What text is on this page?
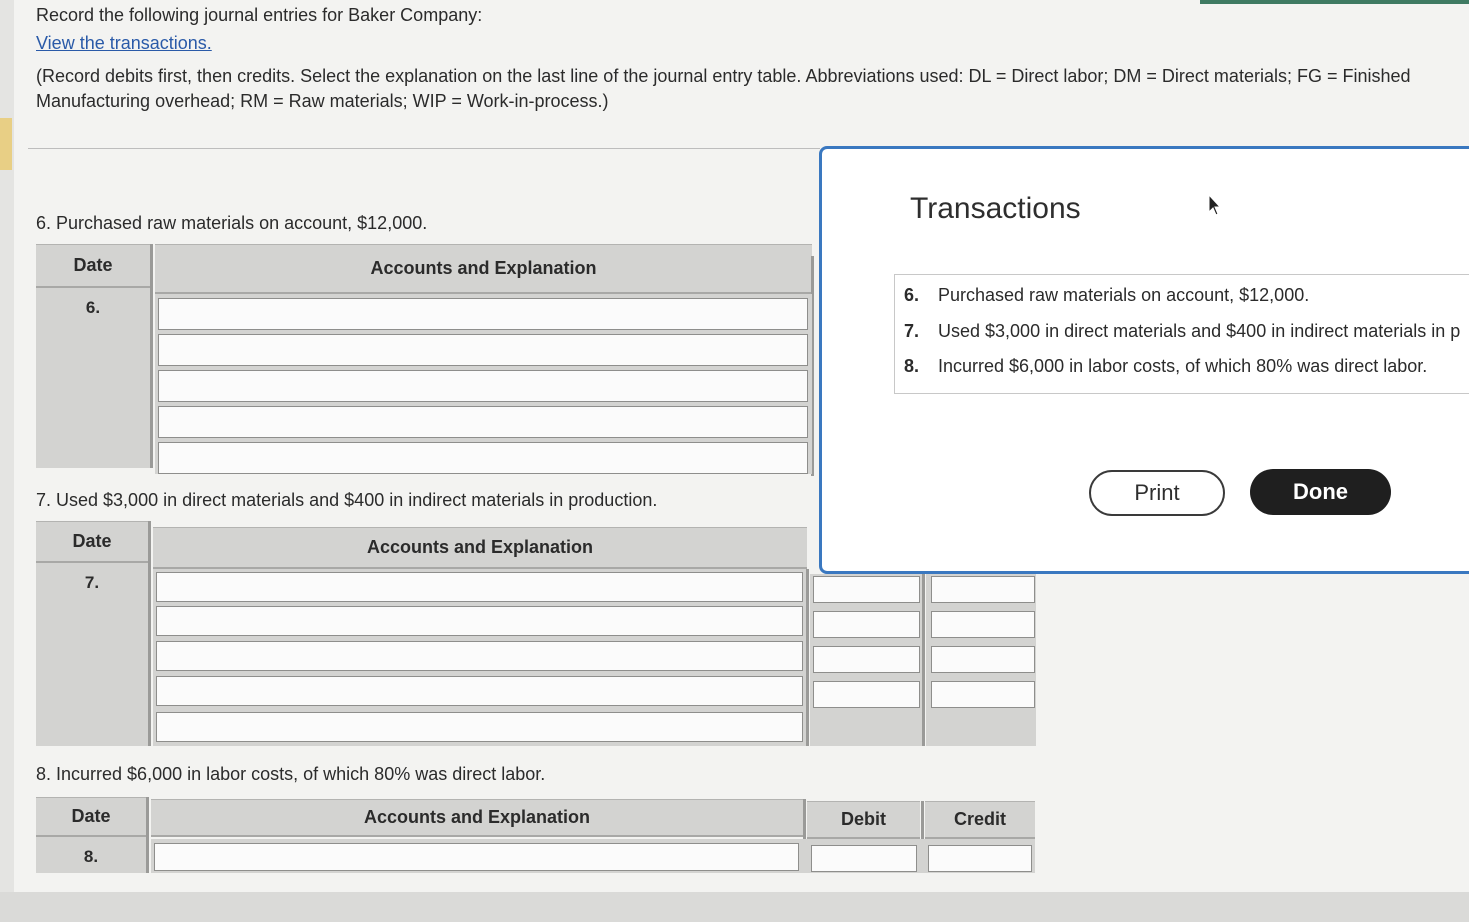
Record the following journal entries for Baker Company:
View the transactions.
(Record debits first, then credits. Select the explanation on the last line of the journal entry table. Abbreviations used: DL = Direct labor; DM = Direct materials; FG = Finished
Manufacturing overhead; RM = Raw materials; WIP = Work-in-process.)
6. Purchased raw materials on account, $12,000.
Date	Accounts and Explanation
6.
7. Used $3,000 in direct materials and $400 in indirect materials in production.
Date	Accounts and Explanation
7.
8. Incurred $6,000 in labor costs, of which 80% was direct labor.
Date	Accounts and Explanation	Debit	Credit
8.
Transactions
6. Purchased raw materials on account, $12,000.
7. Used $3,000 in direct materials and $400 in indirect materials in p
8. Incurred $6,000 in labor costs, of which 80% was direct labor.
Print	Done
